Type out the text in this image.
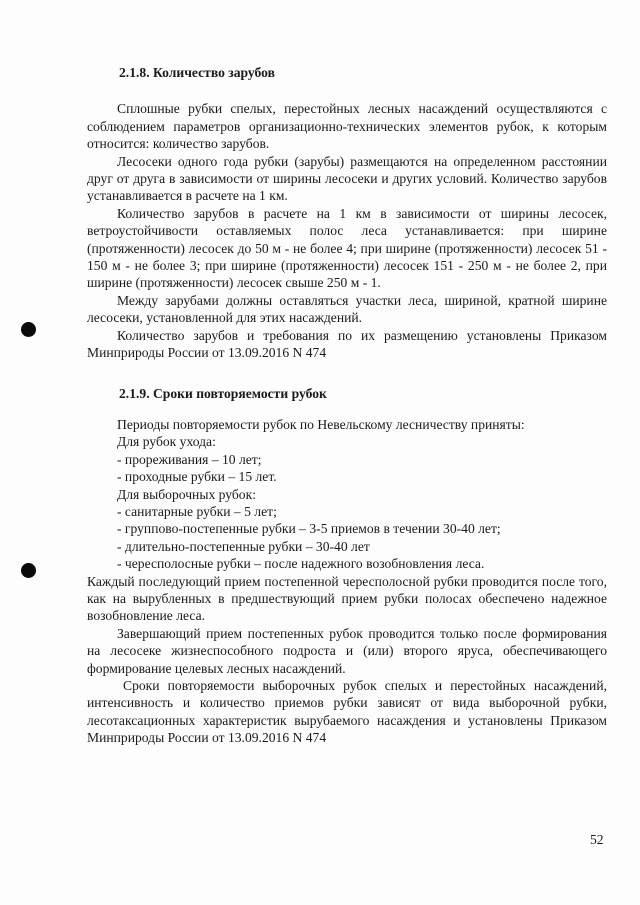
2.1.8. Количество зарубов

Сплошные рубки спелых, перестойных лесных насаждений осуществляются с соблюдением параметров организационно-технических элементов рубок, к которым относится: количество зарубов.

Лесосеки одного года рубки (зарубы) размещаются на определенном расстоянии друг от друга в зависимости от ширины лесосеки и других условий. Количество зарубов устанавливается в расчете на 1 км.

Количество зарубов в расчете на 1 км в зависимости от ширины лесосек, ветроустойчивости оставляемых полос леса устанавливается: при ширине (протяженности) лесосек до 50 м - не более 4; при ширине (протяженности) лесосек 51 - 150 м - не более 3; при ширине (протяженности) лесосек 151 - 250 м - не более 2, при ширине (протяженности) лесосек свыше 250 м - 1.

Между зарубами должны оставляться участки леса, шириной, кратной ширине лесосеки, установленной для этих насаждений.

Количество зарубов и требования по их размещению установлены Приказом Минприроды России от 13.09.2016 N 474

2.1.9. Сроки повторяемости рубок

Периоды повторяемости рубок по Невельскому лесничеству приняты:

Для рубок ухода:

- прореживания – 10 лет;

- проходные рубки – 15 лет.

Для выборочных рубок:

- санитарные рубки – 5 лет;

- группово-постепенные рубки – 3-5 приемов в течении 30-40 лет;

- длительно-постепенные рубки – 30-40 лет

- чересполосные рубки – после надежного возобновления леса.

Каждый последующий прием постепенной чересполосной рубки проводится после того, как на вырубленных в предшествующий прием рубки полосах обеспечено надежное возобновление леса.

Завершающий прием постепенных рубок проводится только после формирования на лесосеке жизнеспособного подроста и (или) второго яруса, обеспечивающего формирование целевых лесных насаждений.

Сроки повторяемости выборочных рубок спелых и перестойных насаждений, интенсивность и количество приемов рубки зависят от вида выборочной рубки, лесотаксационных характеристик вырубаемого насаждения и установлены Приказом Минприроды России от 13.09.2016 N 474

52
